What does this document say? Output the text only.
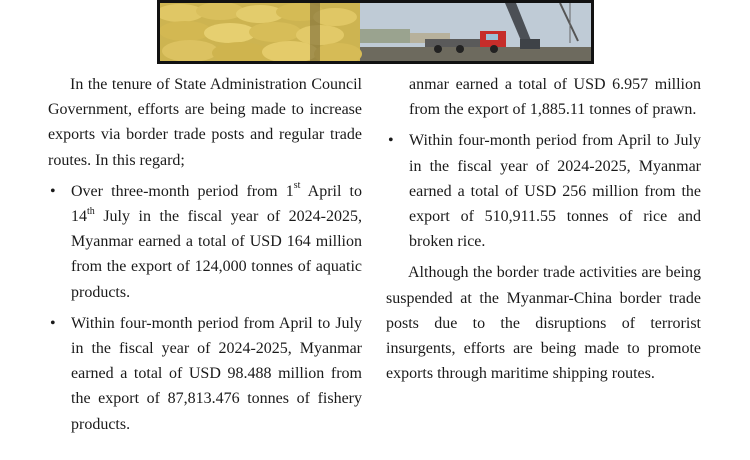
In the tenure of State Administration Council Government, efforts are being made to increase exports via border trade posts and regular trade routes. In this regard;

• Over three-month period from 1st April to 14th July in the fiscal year of 2024-2025, Myanmar earned a total of USD 164 million from the export of 124,000 tonnes of aquatic products.
• Within four-month period from April to July in the fiscal year of 2024-2025, Myanmar earned a total of USD 98.488 million from the export of 87,813.476 tonnes of fishery products.

anmar earned a total of USD 6.957 million from the export of 1,885.11 tonnes of prawn.

• Within four-month period from April to July in the fiscal year of 2024-2025, Myanmar earned a total of USD 256 million from the export of 510,911.55 tonnes of rice and broken rice.

Although the border trade activities are being suspended at the Myanmar-China border trade posts due to the disruptions of terrorist insurgents, efforts are being made to promote exports through maritime shipping routes.
